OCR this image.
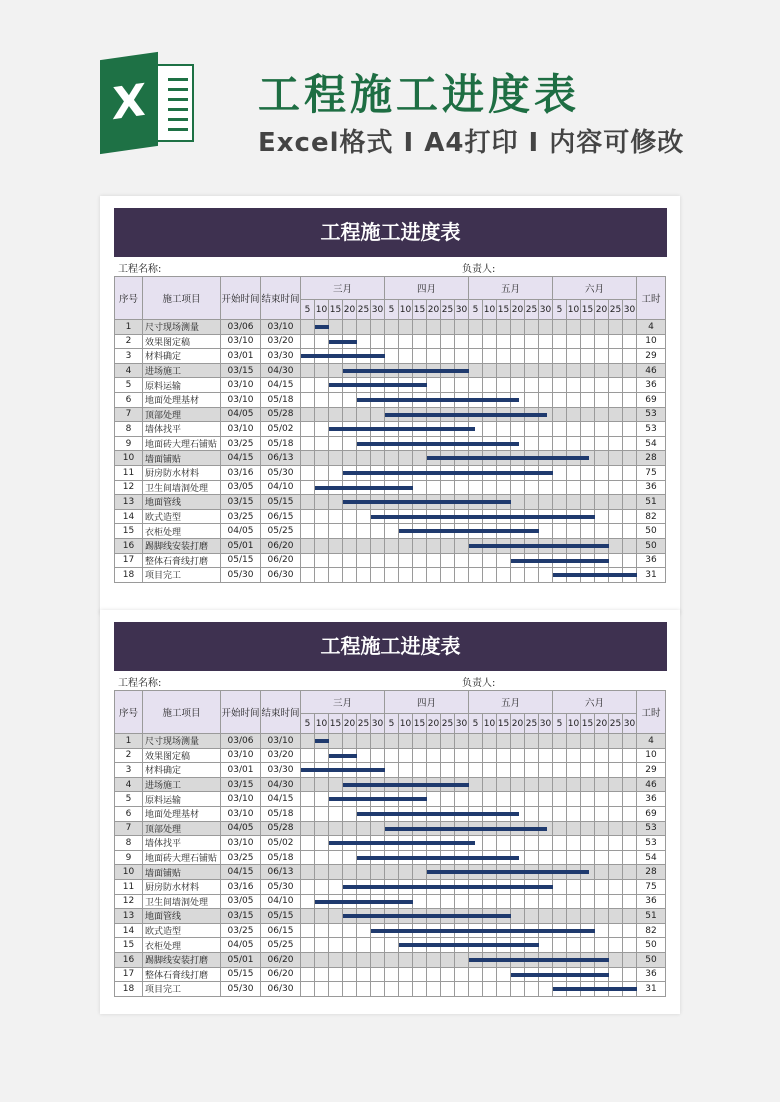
X	工程施工进度表
Excel格式 I A4打印 I 内容可修改
工程施工进度表
工程名称:	负责人:
序号	施工项目	开始时间	结束时间	三月						四月						五月						六月						工时
				5	10	15	20	25	30	5	10	15	20	25	30	5	10	15	20	25	30	5	10	15	20	25	30	
1	尺寸现场测量	03/06	03/10																									4
2	效果图定稿	03/10	03/20																									10
3	材料确定	03/01	03/30																									29
4	进场施工	03/15	04/30																									46
5	原料运输	03/10	04/15																									36
6	地面处理基材	03/10	05/18																									69
7	顶部处理	04/05	05/28																									53
8	墙体找平	03/10	05/02																									53
9	地面砖大理石铺贴	03/25	05/18																									54
10	墙面铺贴	04/15	06/13																									28
11	厨房防水材料	03/16	05/30																									75
12	卫生间墙洞处理	03/05	04/10																									36
13	地面管线	03/15	05/15																									51
14	欧式造型	03/25	06/15																									82
15	衣柜处理	04/05	05/25																									50
16	踢脚线安装打磨	05/01	06/20																									50
17	整体石膏线打磨	05/15	06/20																									36
18	项目完工	05/30	06/30																									31
工程施工进度表
工程名称:	负责人:
序号	施工项目	开始时间	结束时间	三月						四月						五月						六月						工时
				5	10	15	20	25	30	5	10	15	20	25	30	5	10	15	20	25	30	5	10	15	20	25	30	
1	尺寸现场测量	03/06	03/10																									4
2	效果图定稿	03/10	03/20																									10
3	材料确定	03/01	03/30																									29
4	进场施工	03/15	04/30																									46
5	原料运输	03/10	04/15																									36
6	地面处理基材	03/10	05/18																									69
7	顶部处理	04/05	05/28																									53
8	墙体找平	03/10	05/02																									53
9	地面砖大理石铺贴	03/25	05/18																									54
10	墙面铺贴	04/15	06/13																									28
11	厨房防水材料	03/16	05/30																									75
12	卫生间墙洞处理	03/05	04/10																									36
13	地面管线	03/15	05/15																									51
14	欧式造型	03/25	06/15																									82
15	衣柜处理	04/05	05/25																									50
16	踢脚线安装打磨	05/01	06/20																									50
17	整体石膏线打磨	05/15	06/20																									36
18	项目完工	05/30	06/30																									31
